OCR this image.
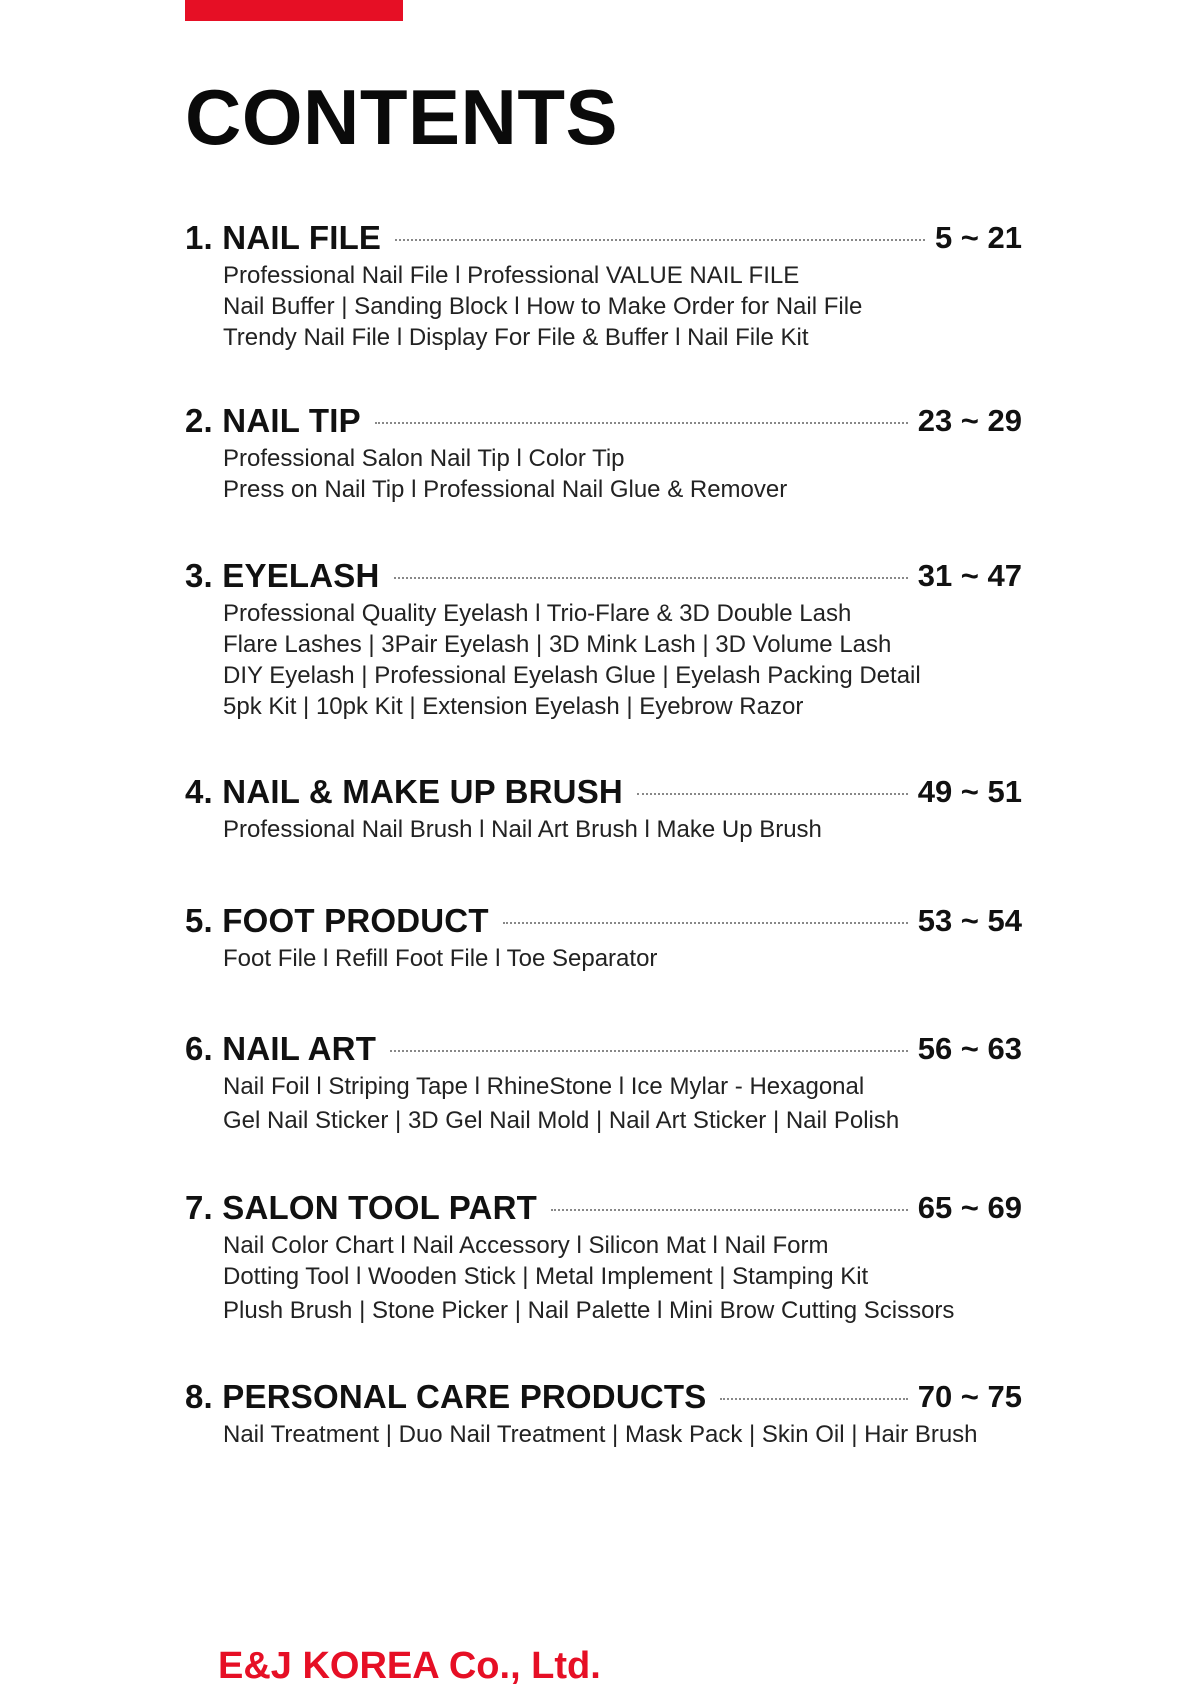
CONTENTS
1. NAIL FILE	5 ~ 21
Professional Nail File l Professional VALUE NAIL FILE
Nail Buffer | Sanding Block l How to Make Order for Nail File
Trendy Nail File l Display For File & Buffer l Nail File Kit
2. NAIL TIP	23 ~ 29
Professional Salon Nail Tip l Color Tip
Press on Nail Tip l Professional Nail Glue & Remover
3. EYELASH	31 ~ 47
Professional Quality Eyelash l Trio-Flare & 3D Double Lash
Flare Lashes | 3Pair Eyelash | 3D Mink Lash | 3D Volume Lash
DIY Eyelash | Professional Eyelash Glue | Eyelash Packing Detail
5pk Kit | 10pk Kit | Extension Eyelash | Eyebrow Razor
4. NAIL & MAKE UP BRUSH	49 ~ 51
Professional Nail Brush l Nail Art Brush l Make Up Brush
5. FOOT PRODUCT	53 ~ 54
Foot File l Refill Foot File l Toe Separator
6. NAIL ART	56 ~ 63
Nail Foil l Striping Tape l RhineStone l Ice Mylar - Hexagonal
Gel Nail Sticker | 3D Gel Nail Mold | Nail Art Sticker | Nail Polish
7. SALON TOOL PART	65 ~ 69
Nail Color Chart l Nail Accessory l Silicon Mat l Nail Form
Dotting Tool l Wooden Stick | Metal Implement | Stamping Kit
Plush Brush | Stone Picker | Nail Palette l Mini Brow Cutting Scissors
8. PERSONAL CARE PRODUCTS	70 ~ 75
Nail Treatment | Duo Nail Treatment | Mask Pack | Skin Oil | Hair Brush
E&J KOREA Co., Ltd.
